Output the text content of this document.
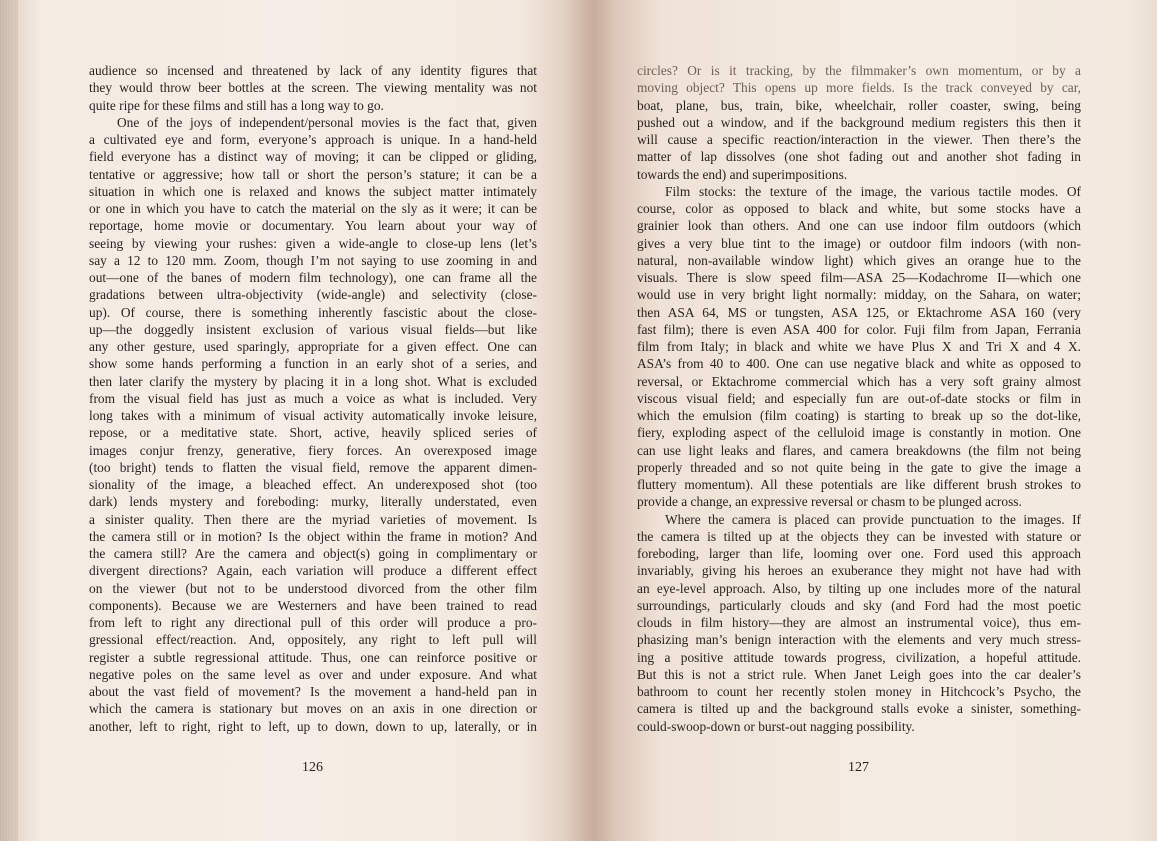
audience so incensed and threatened by lack of any identity figures that
they would throw beer bottles at the screen. The viewing mentality was not
quite ripe for these films and still has a long way to go.
One of the joys of independent/personal movies is the fact that, given
a cultivated eye and form, everyone’s approach is unique. In a hand-held
field everyone has a distinct way of moving; it can be clipped or gliding,
tentative or aggressive; how tall or short the person’s stature; it can be a
situation in which one is relaxed and knows the subject matter intimately
or one in which you have to catch the material on the sly as it were; it can be
reportage, home movie or documentary. You learn about your way of
seeing by viewing your rushes: given a wide-angle to close-up lens (let’s
say a 12 to 120 mm. Zoom, though I’m not saying to use zooming in and
out—one of the banes of modern film technology), one can frame all the
gradations between ultra-objectivity (wide-angle) and selectivity (close-
up). Of course, there is something inherently fascistic about the close-
up—the doggedly insistent exclusion of various visual fields—but like
any other gesture, used sparingly, appropriate for a given effect. One can
show some hands performing a function in an early shot of a series, and
then later clarify the mystery by placing it in a long shot. What is excluded
from the visual field has just as much a voice as what is included. Very
long takes with a minimum of visual activity automatically invoke leisure,
repose, or a meditative state. Short, active, heavily spliced series of
images conjur frenzy, generative, fiery forces. An overexposed image
(too bright) tends to flatten the visual field, remove the apparent dimen-
sionality of the image, a bleached effect. An underexposed shot (too
dark) lends mystery and foreboding: murky, literally understated, even
a sinister quality. Then there are the myriad varieties of movement. Is
the camera still or in motion? Is the object within the frame in motion? And
the camera still? Are the camera and object(s) going in complimentary or
divergent directions? Again, each variation will produce a different effect
on the viewer (but not to be understood divorced from the other film
components). Because we are Westerners and have been trained to read
from left to right any directional pull of this order will produce a pro-
gressional effect/reaction. And, oppositely, any right to left pull will
register a subtle regressional attitude. Thus, one can reinforce positive or
negative poles on the same level as over and under exposure. And what
about the vast field of movement? Is the movement a hand-held pan in
which the camera is stationary but moves on an axis in one direction or
another, left to right, right to left, up to down, down to up, laterally, or in
circles? Or is it tracking, by the filmmaker’s own momentum, or by a
moving object? This opens up more fields. Is the track conveyed by car,
boat, plane, bus, train, bike, wheelchair, roller coaster, swing, being
pushed out a window, and if the background medium registers this then it
will cause a specific reaction/interaction in the viewer. Then there’s the
matter of lap dissolves (one shot fading out and another shot fading in
towards the end) and superimpositions.
Film stocks: the texture of the image, the various tactile modes. Of
course, color as opposed to black and white, but some stocks have a
grainier look than others. And one can use indoor film outdoors (which
gives a very blue tint to the image) or outdoor film indoors (with non-
natural, non-available window light) which gives an orange hue to the
visuals. There is slow speed film—ASA 25—Kodachrome II—which one
would use in very bright light normally: midday, on the Sahara, on water;
then ASA 64, MS or tungsten, ASA 125, or Ektachrome ASA 160 (very
fast film); there is even ASA 400 for color. Fuji film from Japan, Ferrania
film from Italy; in black and white we have Plus X and Tri X and 4 X.
ASA’s from 40 to 400. One can use negative black and white as opposed to
reversal, or Ektachrome commercial which has a very soft grainy almost
viscous visual field; and especially fun are out-of-date stocks or film in
which the emulsion (film coating) is starting to break up so the dot-like,
fiery, exploding aspect of the celluloid image is constantly in motion. One
can use light leaks and flares, and camera breakdowns (the film not being
properly threaded and so not quite being in the gate to give the image a
fluttery momentum). All these potentials are like different brush strokes to
provide a change, an expressive reversal or chasm to be plunged across.
Where the camera is placed can provide punctuation to the images. If
the camera is tilted up at the objects they can be invested with stature or
foreboding, larger than life, looming over one. Ford used this approach
invariably, giving his heroes an exuberance they might not have had with
an eye-level approach. Also, by tilting up one includes more of the natural
surroundings, particularly clouds and sky (and Ford had the most poetic
clouds in film history—they are almost an instrumental voice), thus em-
phasizing man’s benign interaction with the elements and very much stress-
ing a positive attitude towards progress, civilization, a hopeful attitude.
But this is not a strict rule. When Janet Leigh goes into the car dealer’s
bathroom to count her recently stolen money in Hitchcock’s Psycho, the
camera is tilted up and the background stalls evoke a sinister, something-
could-swoop-down or burst-out nagging possibility.
126	127
